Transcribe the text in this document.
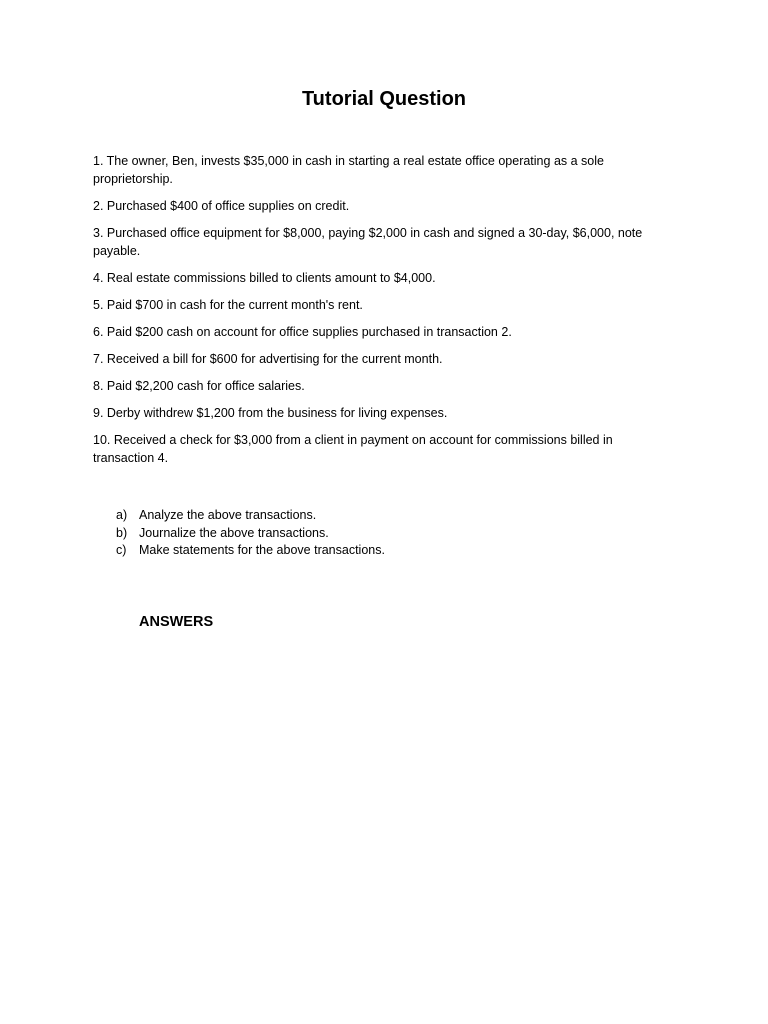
Tutorial Question

1. The owner, Ben, invests $35,000 in cash in starting a real estate office operating as a sole proprietorship.

2. Purchased $400 of office supplies on credit.

3. Purchased office equipment for $8,000, paying $2,000 in cash and signed a 30-day, $6,000, note payable.

4. Real estate commissions billed to clients amount to $4,000.

5. Paid $700 in cash for the current month's rent.

6. Paid $200 cash on account for office supplies purchased in transaction 2.

7. Received a bill for $600 for advertising for the current month.

8. Paid $2,200 cash for office salaries.

9. Derby withdrew $1,200 from the business for living expenses.

10. Received a check for $3,000 from a client in payment on account for commissions billed in transaction 4.

a) Analyze the above transactions.
b) Journalize the above transactions.
c)	Make statements for the above transactions.
ANSWERS
